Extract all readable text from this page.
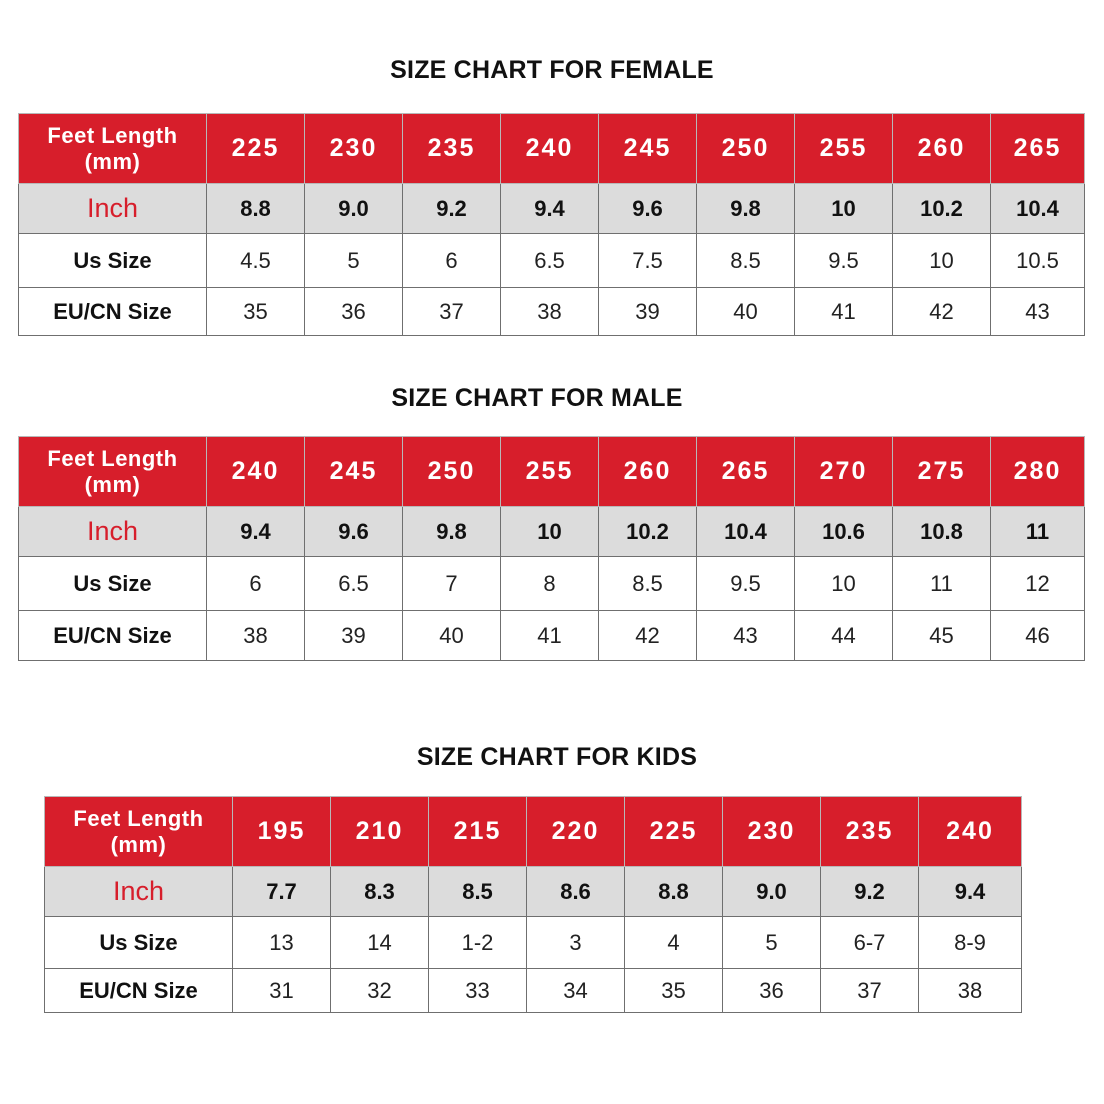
SIZE CHART FOR FEMALE
Feet Length
(mm)	225	230	235	240	245	250	255	260	265
Inch	8.8	9.0	9.2	9.4	9.6	9.8	10	10.2	10.4
Us Size	4.5	5	6	6.5	7.5	8.5	9.5	10	10.5
EU/CN Size	35	36	37	38	39	40	41	42	43
SIZE CHART FOR MALE
Feet Length
(mm)	240	245	250	255	260	265	270	275	280
Inch	9.4	9.6	9.8	10	10.2	10.4	10.6	10.8	11
Us Size	6	6.5	7	8	8.5	9.5	10	11	12
EU/CN Size	38	39	40	41	42	43	44	45	46
SIZE CHART FOR KIDS
Feet Length
(mm)	195	210	215	220	225	230	235	240
Inch	7.7	8.3	8.5	8.6	8.8	9.0	9.2	9.4
Us Size	13	14	1-2	3	4	5	6-7	8-9
EU/CN Size	31	32	33	34	35	36	37	38
